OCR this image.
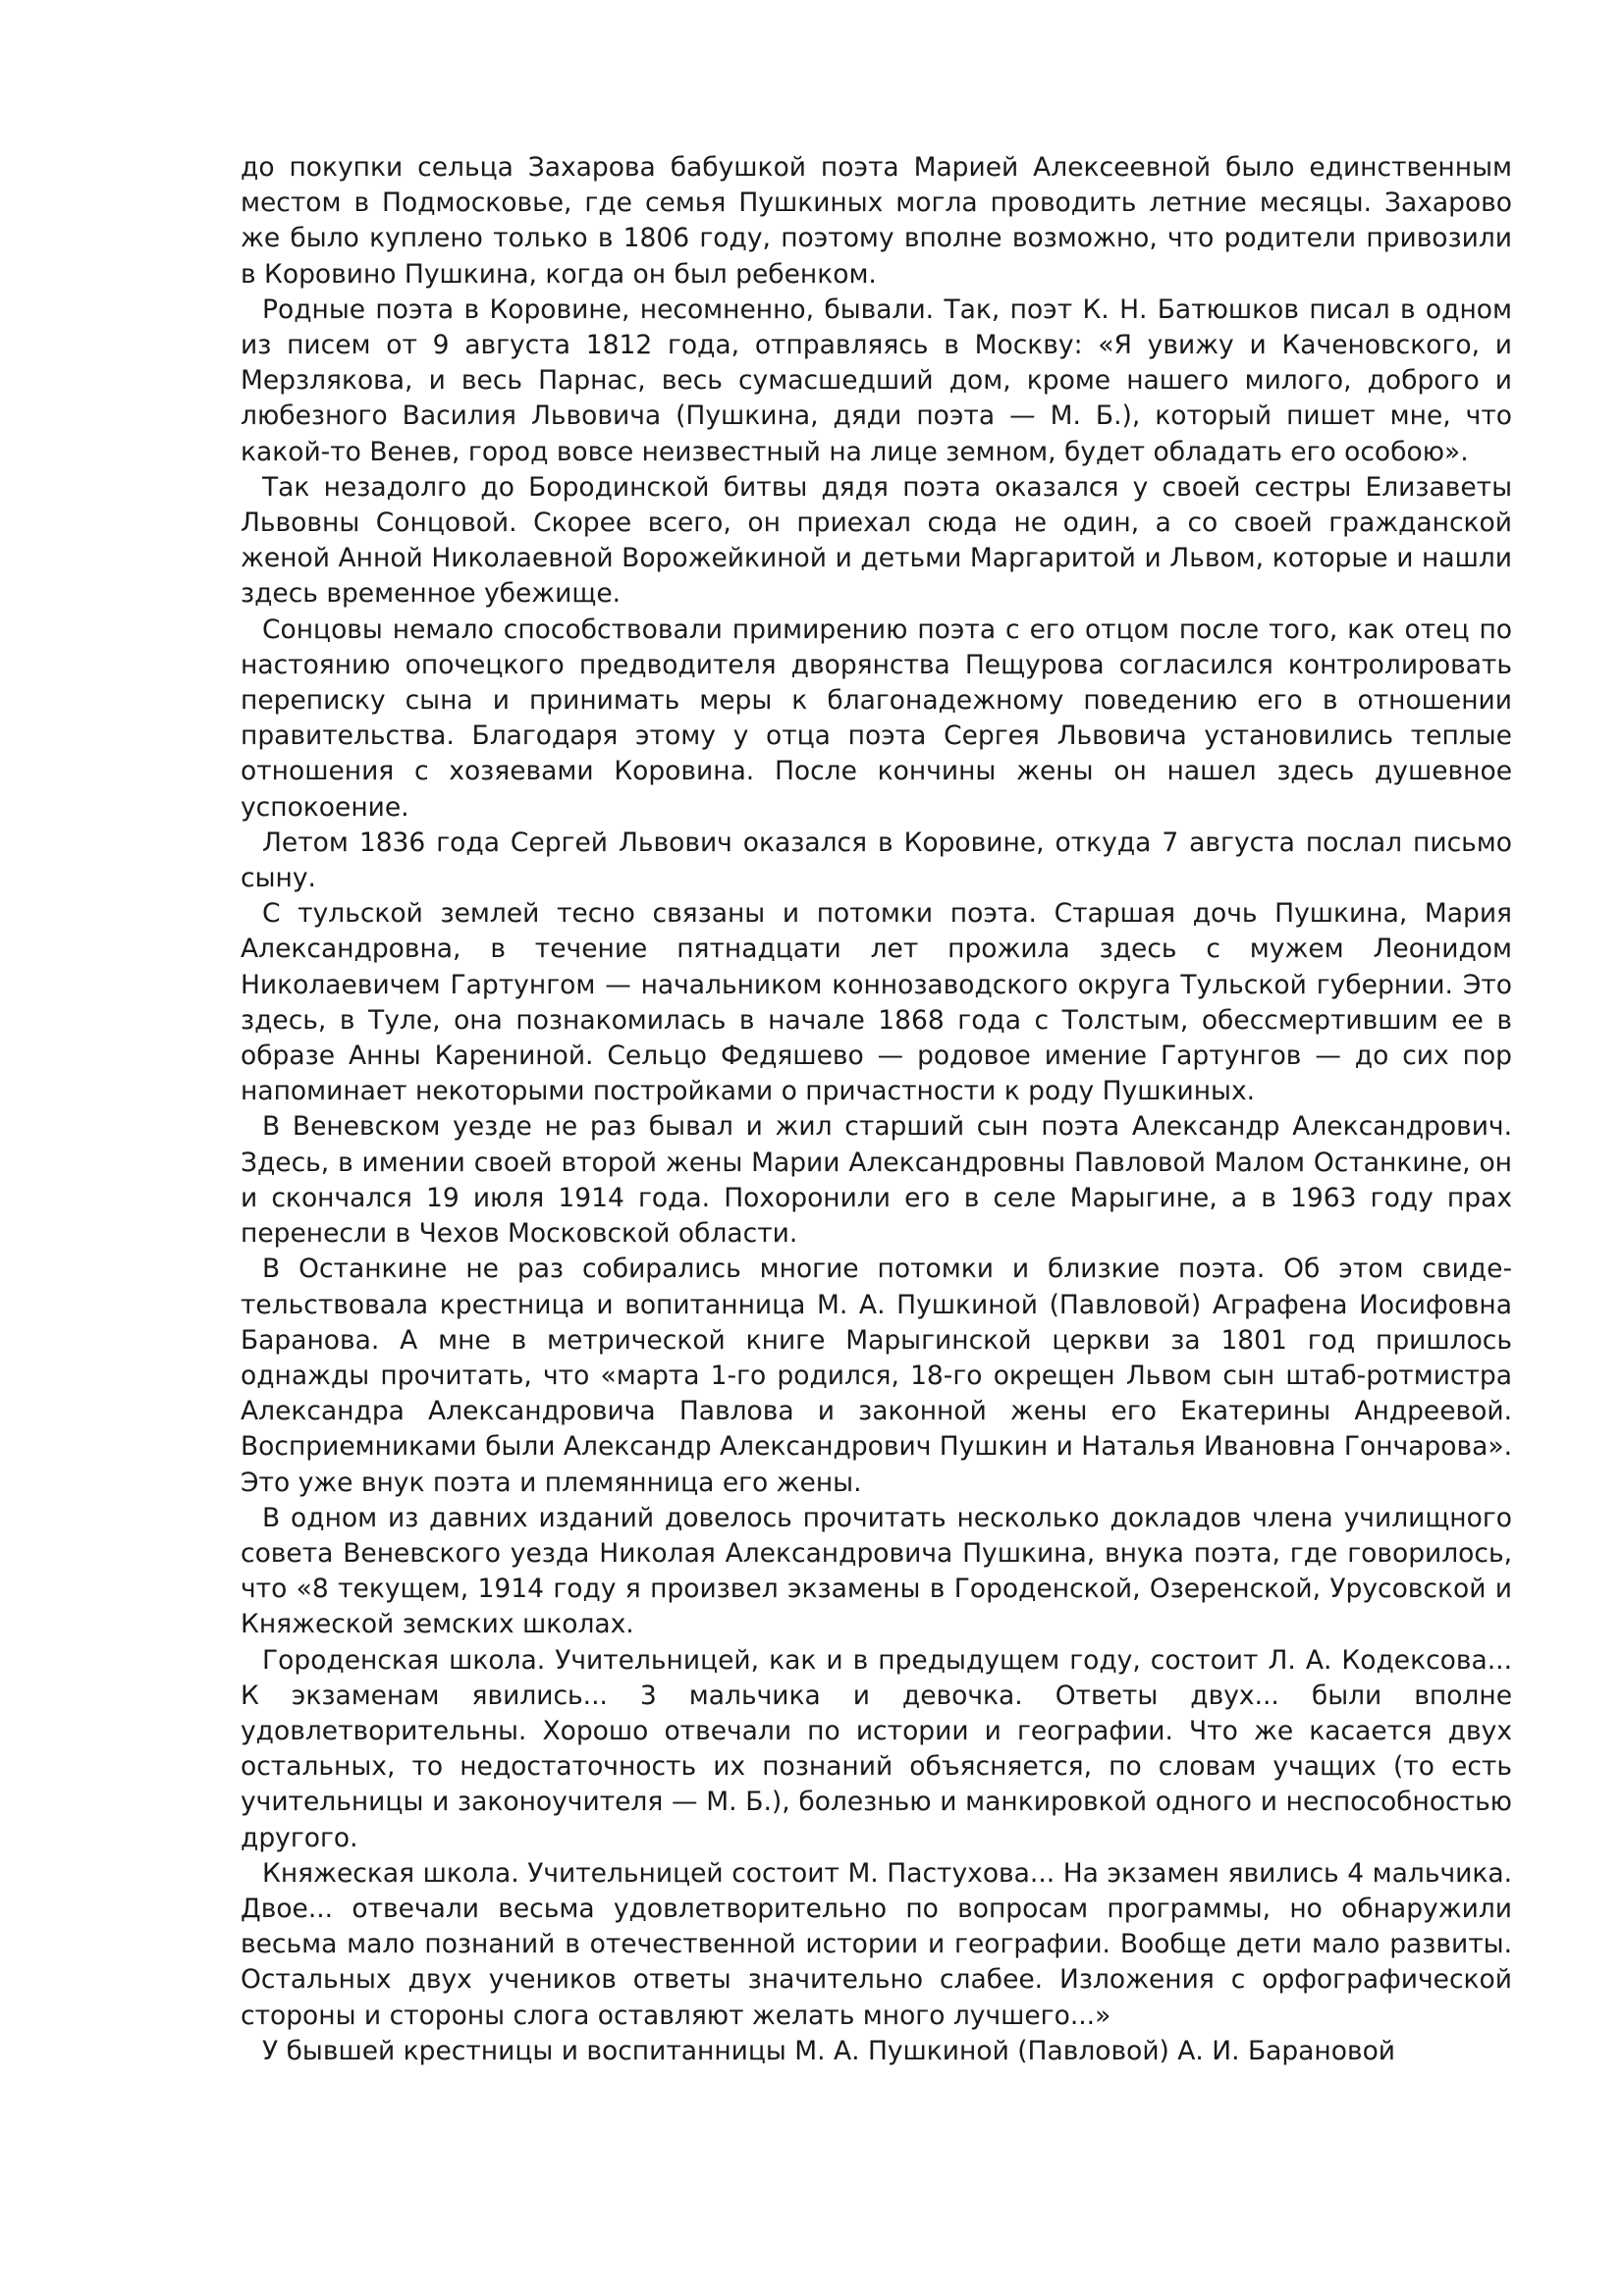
до покупки сельца Захарова бабушкой поэта Марией Алексеевной было единственным местом в Подмосковье, где семья Пушкиных могла проводить летние месяцы. Захарово же было куплено только в 1806 году, поэтому вполне возможно, что родители привозили в Коровино Пушкина, когда он был ребенком.

Родные поэта в Коровине, несомненно, бывали. Так, поэт К. Н. Батюшков писал в одном из писем от 9 августа 1812 года, отправляясь в Москву: «Я увижу и Каченовского, и Мерзлякова, и весь Парнас, весь сумасшедший дом, кроме нашего милого, доброго и любезного Василия Львовича (Пушкина, дяди поэта — М. Б.), который пишет мне, что какой-то Венев, город вовсе неизвестный на лице земном, будет обладать его особою».

Так незадолго до Бородинской битвы дядя поэта оказался у своей сестры Елизаветы Львовны Сонцовой. Скорее всего, он приехал сюда не один, а со своей гражданской женой Анной Николаевной Ворожейкиной и детьми Маргаритой и Львом, которые и нашли здесь временное убежище.

Сонцовы немало способствовали примирению поэта с его отцом после того, как отец по настоянию опочецкого предводителя дворянства Пещурова согласился контролировать переписку сына и принимать меры к благонадежному поведению его в отношении правительства. Благодаря этому у отца поэта Сергея Львовича установились теплые отношения с хозяевами Коровина. После кончины жены он нашел здесь душевное успокоение.

Летом 1836 года Сергей Львович оказался в Коровине, откуда 7 августа послал письмо сыну.

С тульской землей тесно связаны и потомки поэта. Старшая дочь Пушкина, Мария Александровна, в течение пятнадцати лет прожила здесь с мужем Леонидом Николаевичем Гартунгом — начальником коннозаводского округа Тульской губернии. Это здесь, в Туле, она познакомилась в начале 1868 года с Толстым, обессмертившим ее в образе Анны Карениной. Сельцо Федяшево — родовое имение Гартунгов — до сих пор напоминает некоторыми постройками о причастности к роду Пушкиных.

В Веневском уезде не раз бывал и жил старший сын поэта Александр Александрович. Здесь, в имении своей второй жены Марии Александровны Павловой Малом Останкине, он и скончался 19 июля 1914 года. Похоронили его в селе Марыгине, а в 1963 году прах перенесли в Чехов Московской области.

В Останкине не раз собирались многие потомки и близкие поэта. Об этом свидетельствовала крестница и вопитанница М. А. Пушкиной (Павловой) Аграфена Иосифовна Баранова. А мне в метрической книге Марыгинской церкви за 1801 год пришлось однажды прочитать, что «марта 1-го родился, 18-го окрещен Львом сын штаб-ротмистра Александра Александровича Павлова и законной жены его Екатерины Андреевой. Восприемниками были Александр Александрович Пушкин и Наталья Ивановна Гончарова». Это уже внук поэта и племянница его жены.

В одном из давних изданий довелось прочитать несколько докладов члена училищного совета Веневского уезда Николая Александровича Пушкина, внука поэта, где говорилось, что «8 текущем, 1914 году я произвел экзамены в Городенской, Озеренской, Урусовской и Княжеской земских школах.

Городенская школа. Учительницей, как и в предыдущем году, состоит Л. А. Кодексова... К экзаменам явились... 3 мальчика и девочка. Ответы двух... были вполне удовлетворительны. Хорошо отвечали по истории и географии. Что же касается двух остальных, то недостаточность их познаний объясняется, по словам учащих (то есть учительницы и законоучителя — М. Б.), болезнью и манкировкой одного и неспособностью другого.

Княжеская школа. Учительницей состоит М. Пастухова... На экзамен явились 4 мальчика. Двое... отвечали весьма удовлетворительно по вопросам программы, но обнаружили весьма мало познаний в отечественной истории и географии. Вообще дети мало развиты. Остальных двух учеников ответы значительно слабее. Изложения с орфографической стороны и стороны слога оставляют желать много лучшего...»

У бывшей крестницы и воспитанницы М. А. Пушкиной (Павловой) А. И. Барановой
